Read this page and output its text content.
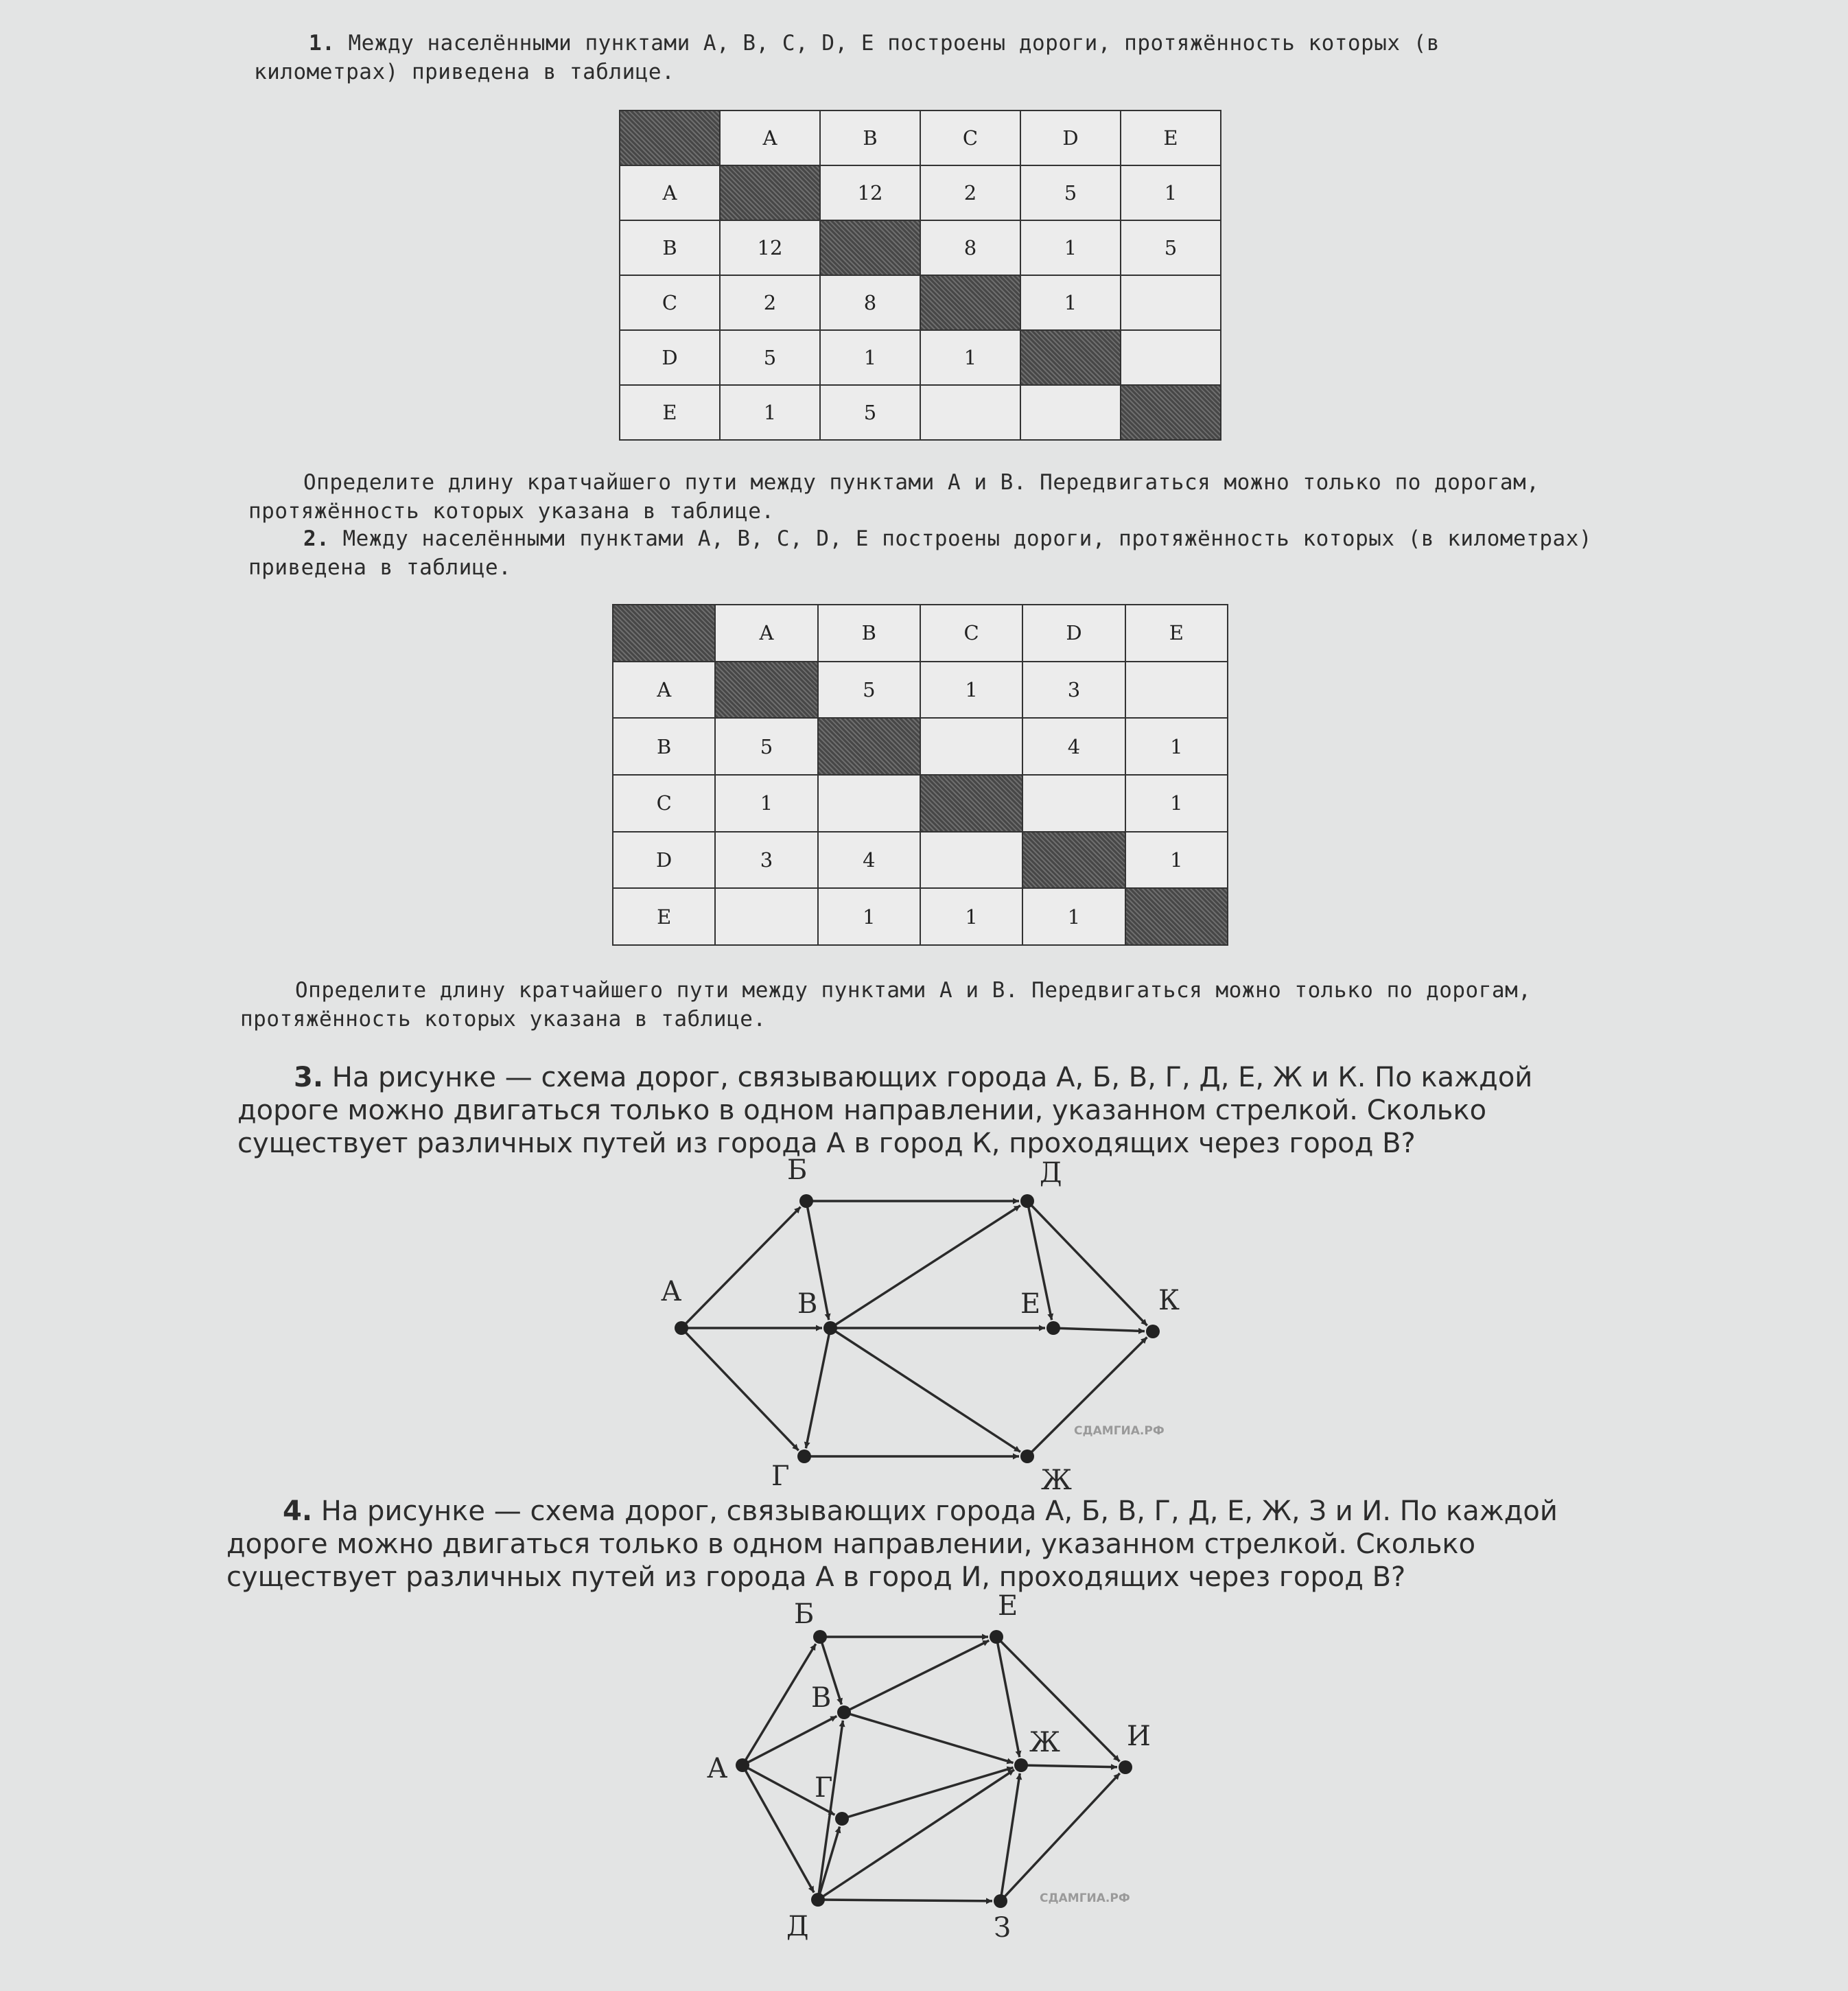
1. Между населёнными пунктами A, B, C, D, E построены дороги, протяжённость которых (в километрах) приведена в таблице.

	A	B	C	D	E
A		12	2	5	1
B	12		8	1	5
C	2	8		1	
D	5	1	1		
E	1	5			

Определите длину кратчайшего пути между пунктами А и В. Передвигаться можно только по дорогам, протяжённость которых указана в таблице.

2. Между населёнными пунктами A, B, C, D, E построены дороги, протяжённость которых (в километрах) приведена в таблице.

	A	B	C	D	E
A		5	1	3	
B	5			4	1
C	1				1
D	3	4			1
E		1	1	1	

Определите длину кратчайшего пути между пунктами А и В. Передвигаться можно только по дорогам, протяжённость которых указана в таблице.

3. На рисунке — схема дорог, связывающих города А, Б, В, Г, Д, Е, Ж и К. По каждой дороге можно двигаться только в одном направлении, указанном стрелкой. Сколько существует различных путей из города А в город К, проходящих через город В?

4. На рисунке — схема дорог, связывающих города А, Б, В, Г, Д, Е, Ж, З и И. По каждой дороге можно двигаться только в одном направлении, указанном стрелкой. Сколько существует различных путей из города А в город И, проходящих через город В?

А
Б
В
Г
Д
Е
Ж
К
А
Б
В
Г
Д
Е
Ж
З
И
СДАМГИА.РФ
СДАМГИА.РФ
